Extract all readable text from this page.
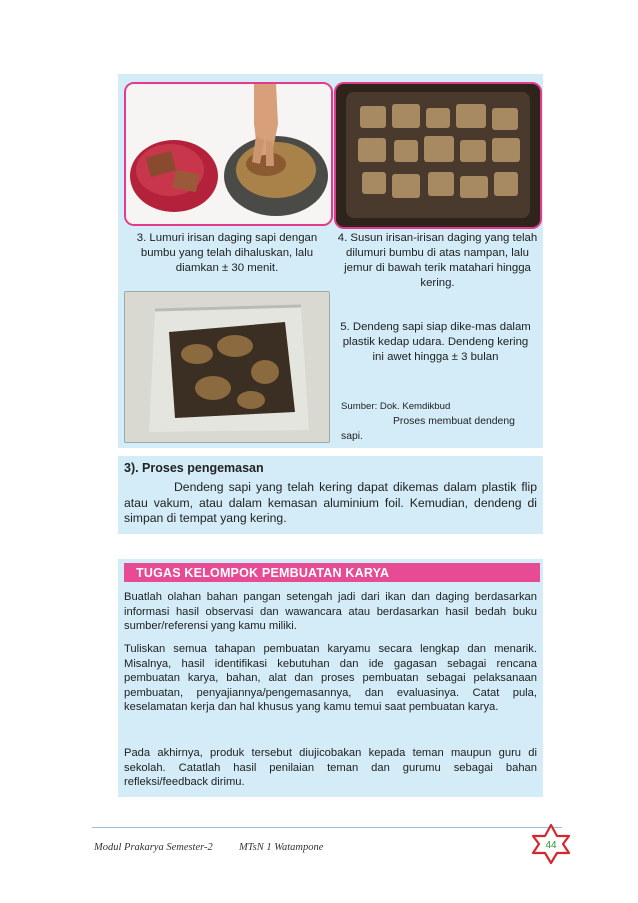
3. Lumuri irisan daging sapi dengan bumbu yang telah dihaluskan, lalu diamkan ± 30 menit.
4. Susun irisan-irisan daging yang telah dilumuri bumbu di atas nampan, lalu jemur di bawah terik matahari hingga kering.
5. Dendeng sapi siap dike-mas dalam plastik kedap udara. Dendeng kering ini awet hingga ± 3 bulan
Sumber: Dok. Kemdikbud
Proses membuat dendeng sapi.
3). Proses pengemasan
Dendeng sapi yang telah kering dapat dikemas dalam plastik flip atau vakum, atau dalam kemasan aluminium foil. Kemudian, dendeng di simpan di tempat yang kering.
TUGAS KELOMPOK PEMBUATAN KARYA

Buatlah olahan bahan pangan setengah jadi dari ikan dan daging berdasarkan informasi hasil observasi dan wawancara atau berdasarkan hasil bedah buku sumber/referensi yang kamu miliki.

Tuliskan semua tahapan pembuatan karyamu secara lengkap dan menarik. Misalnya, hasil identifikasi kebutuhan dan ide gagasan sebagai rencana pembuatan karya, bahan, alat dan proses pembuatan sebagai pelaksanaan pembuatan, penyajiannya/pengemasannya, dan evaluasinya. Catat pula, keselamatan kerja dan hal khusus yang kamu temui saat pembuatan karya.

Pada akhirnya, produk tersebut diujicobakan kepada teman maupun guru di sekolah. Catatlah hasil penilaian teman dan gurumu sebagai bahan refleksi/feedback dirimu.

Modul Prakarya Semester-2 MTsN 1 Watampone	44
